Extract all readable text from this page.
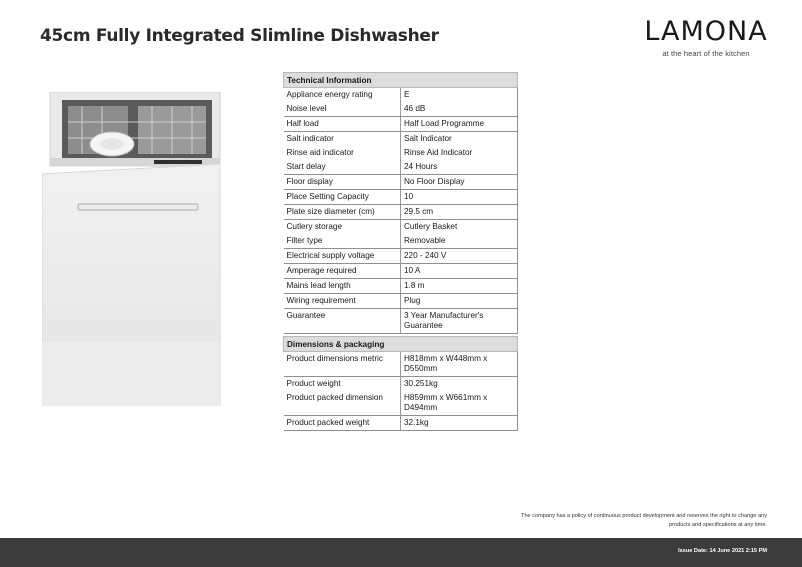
45cm Fully Integrated Slimline Dishwasher	LAMONA
at the heart of the kitchen
Technical Information	
Appliance energy rating	E
Noise level	46 dB
Half load	Half Load Programme
Salt indicator	Salt Indicator
Rinse aid indicator	Rinse Aid Indicator
Start delay	24 Hours
Floor display	No Floor Display
Place Setting Capacity	10
Plate size diameter (cm)	29.5 cm
Cutlery storage	Cutlery Basket
Filter type	Removable
Electrical supply voltage	220 - 240 V
Amperage required	10 A
Mains lead length	1.8 m
Wiring requirement	Plug
Guarantee	3 Year Manufacturer's Guarantee
Dimensions & packaging	
Product dimensions metric	H818mm x W448mm x D550mm
Product weight	30.251kg
Product packed dimension	H859mm x W661mm x D494mm
Product packed weight	32.1kg
The company has a policy of continuous product development and reserves the right to change any products and specifications at any time.
Issue Date: 14 June 2021 2:15 PM
